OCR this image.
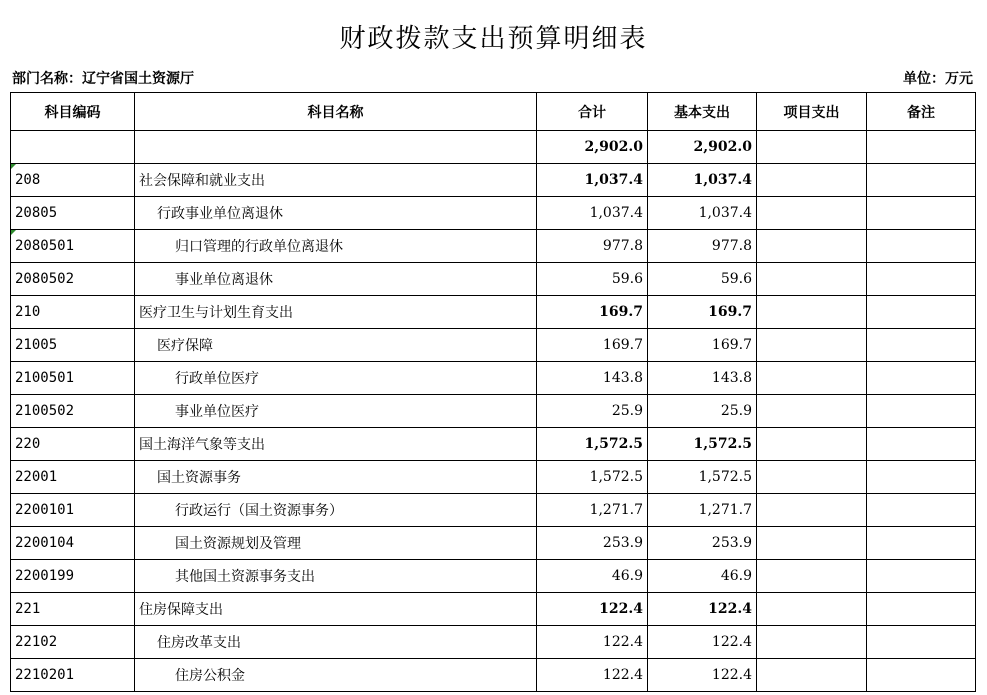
财政拨款支出预算明细表
部门名称：辽宁省国土资源厅	单位：万元
科目编码	科目名称	合计	基本支出	项目支出	备注
		2,902.0	2,902.0		
208	社会保障和就业支出	1,037.4	1,037.4		
20805	行政事业单位离退休	1,037.4	1,037.4		
2080501	归口管理的行政单位离退休	977.8	977.8		
2080502	事业单位离退休	59.6	59.6		
210	医疗卫生与计划生育支出	169.7	169.7		
21005	医疗保障	169.7	169.7		
2100501	行政单位医疗	143.8	143.8		
2100502	事业单位医疗	25.9	25.9		
220	国土海洋气象等支出	1,572.5	1,572.5		
22001	国土资源事务	1,572.5	1,572.5		
2200101	行政运行（国土资源事务）	1,271.7	1,271.7		
2200104	国土资源规划及管理	253.9	253.9		
2200199	其他国土资源事务支出	46.9	46.9		
221	住房保障支出	122.4	122.4		
22102	住房改革支出	122.4	122.4		
2210201	住房公积金	122.4	122.4		
